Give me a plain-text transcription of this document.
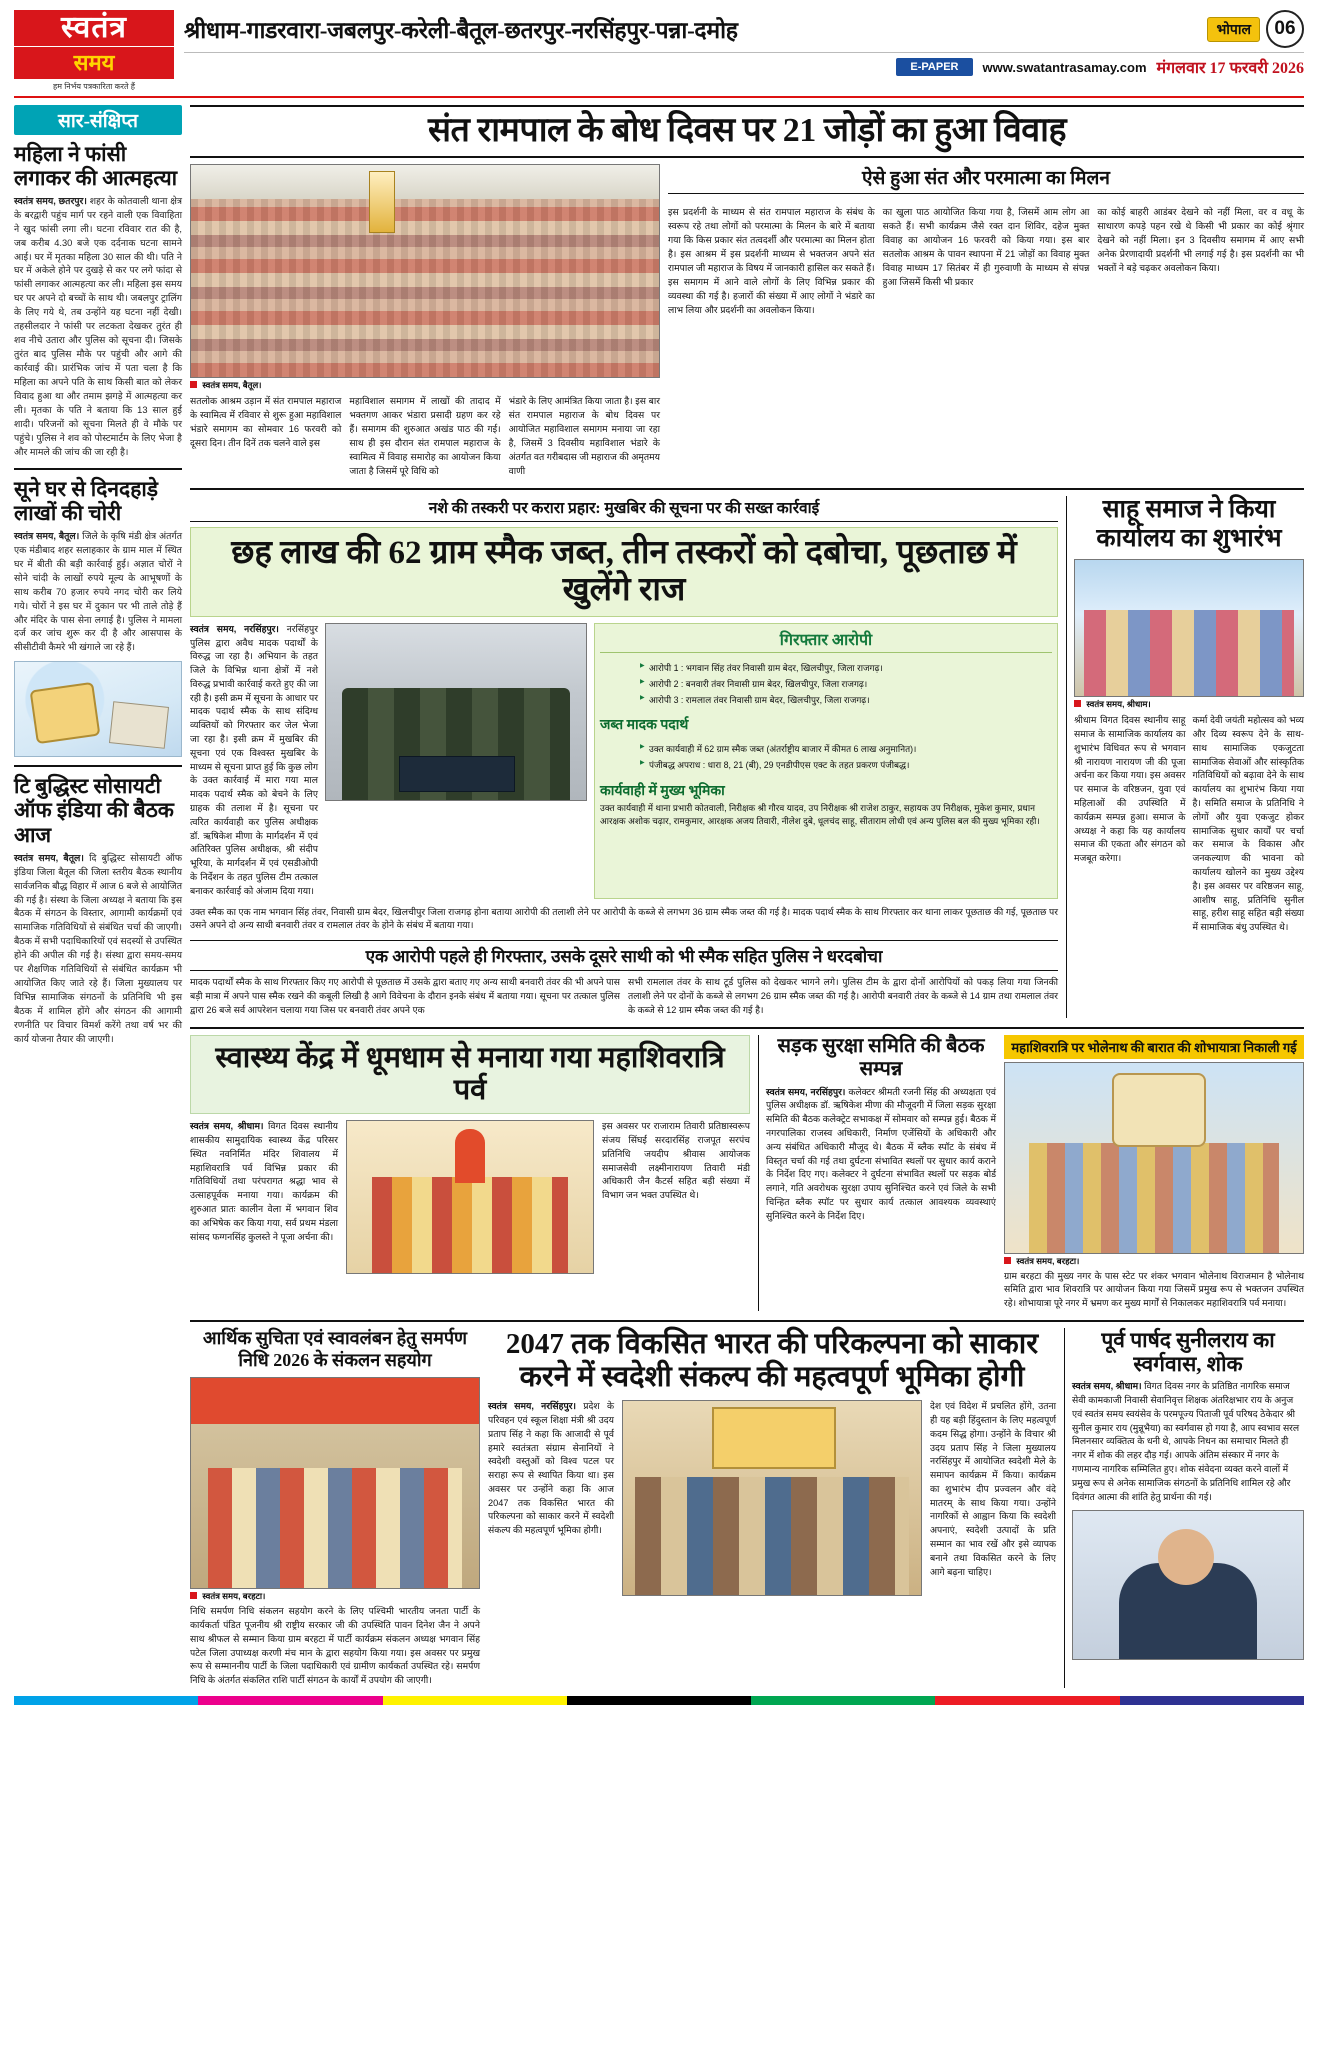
स्वतंत्र
समय
हम निर्भय पत्रकारिता करते हैं
श्रीधाम-गाडरवारा-जबलपुर-करेली-बैतूल-छतरपुर-नरसिंहपुर-पन्ना-दमोह	भोपाल	06
E-PAPER	www.swatantrasamay.com मंगलवार 17 फरवरी 2026
सार-संक्षिप्त
महिला ने फांसी लगाकर की आत्महत्या
स्वतंत्र समय, छतरपुर। शहर के कोतवाली थाना क्षेत्र के बरद्वारी पहुंच मार्ग पर रहने वाली एक विवाहिता ने खुद फांसी लगा ली। घटना रविवार रात की है, जब करीब 4.30 बजे एक दर्दनाक घटना सामने आई। घर में मृतका महिला 30 साल की थी। पति ने घर में अकेले होने पर दुखड़े से कर पर लगे फांदा से फांसी लगाकर आत्महत्या कर ली। महिला इस समय घर पर अपने दो बच्चों के साथ थी। जबलपुर ट्रालिंग के लिए गये थे, तब उन्होंने यह घटना नहीं देखी। तहसीलदार ने फांसी पर लटकता देखकर तुरंत ही शव नीचे उतारा और पुलिस को सूचना दी। जिसके तुरंत बाद पुलिस मौके पर पहुंची और आगे की कार्रवाई की। प्रारंभिक जांच में पता चला है कि महिला का अपने पति के साथ किसी बात को लेकर विवाद हुआ था और तमाम झगड़े में आत्महत्या कर ली। मृतका के पति ने बताया कि 13 साल हुई शादी। परिजनों को सूचना मिलते ही वे मौके पर पहुंचे। पुलिस ने शव को पोस्टमार्टम के लिए भेजा है और मामले की जांच की जा रही है।
सूने घर से दिनदहाड़े लाखों की चोरी
स्वतंत्र समय, बैतूल। जिले के कृषि मंडी क्षेत्र अंतर्गत एक मंडीबाद शहर सलाहकार के ग्राम माल में स्थित घर में बीती की बड़ी कार्रवाई हुई। अज्ञात चोरों ने सोने चांदी के लाखों रुपये मूल्य के आभूषणों के साथ करीब 70 हजार रुपये नगद चोरी कर लिये गये। चोरों ने इस घर में दुकान पर भी ताले तोड़े हैं और मंदिर के पास सेना लगाई है। पुलिस ने मामला दर्ज कर जांच शुरू कर दी है और आसपास के सीसीटीवी कैमरे भी खंगाले जा रहे हैं।
टि बुद्धिस्ट सोसायटी ऑफ इंडिया की बैठक आज
स्वतंत्र समय, बैतूल। दि बुद्धिस्ट सोसायटी ऑफ इंडिया जिला बैतूल की जिला स्तरीय बैठक स्थानीय सार्वजनिक बौद्ध विहार में आज 6 बजे से आयोजित की गई है। संस्था के जिला अध्यक्ष ने बताया कि इस बैठक में संगठन के विस्तार, आगामी कार्यक्रमों एवं सामाजिक गतिविधियों से संबंधित चर्चा की जाएगी। बैठक में सभी पदाधिकारियों एवं सदस्यों से उपस्थित होने की अपील की गई है। संस्था द्वारा समय-समय पर शैक्षणिक गतिविधियों से संबंधित कार्यक्रम भी आयोजित किए जाते रहे हैं। जिला मुख्यालय पर विभिन्न सामाजिक संगठनों के प्रतिनिधि भी इस बैठक में शामिल होंगे और संगठन की आगामी रणनीति पर विचार विमर्श करेंगे तथा वर्ष भर की कार्य योजना तैयार की जाएगी।
संत रामपाल के बोध दिवस पर 21 जोड़ों का हुआ विवाह
स्वतंत्र समय, बैतूल।
सतलोक आश्रम उड़ान में संत रामपाल महाराज के स्वामित्व में रविवार से शुरू हुआ महाविशाल भंडारे समागम का सोमवार 16 फरवरी को दूसरा दिन। तीन दिनें तक चलने वाले इस
महाविशाल समागम में लाखों की तादाद में भक्तगण आकर भंडारा प्रसादी ग्रहण कर रहे हैं। समागम की शुरुआत अखंड पाठ की गई। साथ ही इस दौरान संत रामपाल महाराज के स्वामित्व में विवाह समारोह का आयोजन किया जाता है जिसमें पूरे विधि को
भंडारे के लिए आमंत्रित किया जाता है। इस बार संत रामपाल महाराज के बोध दिवस पर आयोजित महाविशाल समागम मनाया जा रहा है, जिसमें 3 दिवसीय महाविशाल भंडारे के अंतर्गत वत गरीबदास जी महाराज की अमृतमय वाणी
ऐसे हुआ संत और परमात्मा का मिलन
इस प्रदर्शनी के माध्यम से संत रामपाल महाराज के संबंध के स्वरूप रहे तथा लोगों को परमात्मा के मिलन के बारे में बताया गया कि किस प्रकार संत तत्वदर्शी और परमात्मा का मिलन होता है। इस आश्रम में इस प्रदर्शनी माध्यम से भक्तजन अपने संत रामपाल जी महाराज के विषय में जानकारी हासिल कर सकते हैं। इस समागम में आने वाले लोगों के लिए विभिन्न प्रकार की व्यवस्था की गई है। हजारों की संख्या में आए लोगों ने भंडारे का लाभ लिया और प्रदर्शनी का अवलोकन किया।
का खुला पाठ आयोजित किया गया है, जिसमें आम लोग आ सकते हैं। सभी कार्यक्रम जैसे रक्त दान शिविर, दहेज मुक्त विवाह का आयोजन 16 फरवरी को किया गया। इस बार सतलोक आश्रम के पावन स्थापना में 21 जोड़ों का विवाह मुक्त विवाह माध्यम 17 सितंबर में ही गुरुवाणी के माध्यम से संपन्न हुआ जिसमें किसी भी प्रकार
का कोई बाहरी आडंबर देखने को नहीं मिला, वर व वधू के साधारण कपड़े पहन रखे थे किसी भी प्रकार का कोई श्रृंगार देखने को नहीं मिला। इन 3 दिवसीय समागम में आए सभी अनेक प्रेरणादायी प्रदर्शनी भी लगाई गई है। इस प्रदर्शनी का भी भक्तों ने बड़े चढ़कर अवलोकन किया।
नशे की तस्करी पर करारा प्रहार: मुखबिर की सूचना पर की सख्त कार्रवाई
छह लाख की 62 ग्राम स्मैक जब्त, तीन तस्करों को दबोचा, पूछताछ में खुलेंगे राज
स्वतंत्र समय, नरसिंहपुर। नरसिंहपुर पुलिस द्वारा अवैध मादक पदार्थों के विरुद्ध जा रहा है। अभियान के तहत जिले के विभिन्न थाना क्षेत्रों में नशे विरुद्ध प्रभावी कार्रवाई करते हुए की जा रही है। इसी क्रम में सूचना के आधार पर मादक पदार्थ स्मैक के साथ संदिग्ध व्यक्तियों को गिरफ्तार कर जेल भेजा जा रहा है। इसी क्रम में मुखबिर की सूचना एवं एक विश्वस्त मुखबिर के माध्यम से सूचना प्राप्त हुई कि कुछ लोग के उक्त कार्रवाई में मारा गया माल मादक पदार्थ स्मैक को बेचने के लिए ग्राहक की तलाश में है। सूचना पर त्वरित कार्यवाही कर पुलिस अधीक्षक डॉ. ऋषिकेश मीणा के मार्गदर्शन में एवं अतिरिक्त पुलिस अधीक्षक, श्री संदीप भूरिया, के मार्गदर्शन में एवं एसडीओपी के निर्देशन के तहत पुलिस टीम तत्काल बनाकर कार्रवाई को अंजाम दिया गया।
गिरफ्तार आरोपी
▶ आरोपी 1 : भगवान सिंह तंवर निवासी ग्राम बेदर, खिलचीपुर, जिला राजगढ़।
▶ आरोपी 2 : बनवारी तंवर निवासी ग्राम बेदर, खिलचीपुर, जिला राजगढ़।
▶ आरोपी 3 : रामलाल तंवर निवासी ग्राम बेदर, खिलचीपुर, जिला राजगढ़।
जब्त मादक पदार्थ
▶ उक्त कार्यवाही में 62 ग्राम स्मैक जब्त (अंतर्राष्ट्रीय बाजार में कीमत 6 लाख अनुमानित)।
▶ पंजीबद्ध अपराध : धारा 8, 21 (बी), 29 एनडीपीएस एक्ट के तहत प्रकरण पंजीबद्ध।
कार्यवाही में मुख्य भूमिका
उक्त कार्यवाही में थाना प्रभारी कोतवाली, निरीक्षक श्री गौरव यादव, उप निरीक्षक श्री राजेश ठाकुर, सहायक उप निरीक्षक, मुकेश कुमार, प्रधान आरक्षक अशोक चढ़ार, रामकुमार, आरक्षक अजय तिवारी, नीलेश दुबे, धूलचंद साहू, सीताराम लोधी एवं अन्य पुलिस बल की मुख्य भूमिका रही।
उक्त स्मैक का एक नाम भगवान सिंह तंवर, निवासी ग्राम बेदर, खिलचीपुर जिला राजगढ़ होना बताया आरोपी की तलाशी लेने पर आरोपी के कब्जे से लगभग 36 ग्राम स्मैक जब्त की गई है। मादक पदार्थ स्मैक के साथ गिरफ्तार कर थाना लाकर पूछताछ की गई, पूछताछ पर उसने अपने दो अन्य साथी बनवारी तंवर व रामलाल तंवर के होने के संबंध में बताया गया।
एक आरोपी पहले ही गिरफ्तार, उसके दूसरे साथी को भी स्मैक सहित पुलिस ने धरदबोचा
मादक पदार्थों स्मैक के साथ गिरफ्तार किए गए आरोपी से पूछताछ में उसके द्वारा बताए गए अन्य साथी बनवारी तंवर की भी अपने पास बड़ी मात्रा में अपने पास स्मैक रखने की कबूली लिखी है आगे विवेचना के दौरान इनके संबंध में बताया गया। सूचना पर तत्काल पुलिस द्वारा 26 बजे सर्व आपरेशन चलाया गया जिस पर बनवारी तंवर अपने एक
सभी रामलाल तंवर के साथ टूर्ड पुलिस को देखकर भागने लगे। पुलिस टीम के द्वारा दोनों आरोपियों को पकड़ लिया गया जिनकी तलाशी लेने पर दोनों के कब्जे से लगभग 26 ग्राम स्मैक जब्त की गई है। आरोपी बनवारी तंवर के कब्जे से 14 ग्राम तथा रामलाल तंवर के कब्जे से 12 ग्राम स्मैक जब्त की गई है।
साहू समाज ने किया कार्यालय का शुभारंभ
स्वतंत्र समय, श्रीधाम।
श्रीधाम विगत दिवस स्थानीय साहू समाज के सामाजिक कार्यालय का शुभारंभ विधिवत रूप से भगवान श्री नारायण नारायण जी की पूजा अर्चना कर किया गया। इस अवसर पर समाज के वरिष्ठजन, युवा एवं महिलाओं की उपस्थिति में कार्यक्रम सम्पन्न हुआ। समाज के अध्यक्ष ने कहा कि यह कार्यालय समाज की एकता और संगठन को मजबूत करेगा।
कर्मा देवी जयंती महोत्सव को भव्य और दिव्य स्वरूप देने के साथ-साथ सामाजिक एकजुटता सामाजिक सेवाओं और सांस्कृतिक गतिविधियों को बढ़ावा देने के साथ कार्यालय का शुभारंभ किया गया है। समिति समाज के प्रतिनिधि ने लोगों और युवा एकजुट होकर सामाजिक सुधार कार्यों पर चर्चा कर समाज के विकास और जनकल्याण की भावना को कार्यालय खोलने का मुख्य उद्देश्य है। इस अवसर पर वरिष्ठजन साहू, आशीष साहू, प्रतिनिधि सुनील साहू, हरीश साहू सहित बड़ी संख्या में सामाजिक बंधु उपस्थित थे।
स्वास्थ्य केंद्र में धूमधाम से मनाया गया महाशिवरात्रि पर्व
स्वतंत्र समय, श्रीधाम। विगत दिवस स्थानीय शासकीय सामुदायिक स्वास्थ्य केंद्र परिसर स्थित नवनिर्मित मंदिर शिवालय में महाशिवरात्रि पर्व विभिन्न प्रकार की गतिविधियों तथा परंपरागत श्रद्धा भाव से उत्साहपूर्वक मनाया गया। कार्यक्रम की शुरुआत प्रातः कालीन वेला में भगवान शिव का अभिषेक कर किया गया, सर्व प्रथम मंडला सांसद फग्गनसिंह कुलस्ते ने पूजा अर्चना की।
इस अवसर पर राजाराम तिवारी प्रतिष्ठास्वरूप संजय सिंघई सरदारसिंह राजपूत सरपंच प्रतिनिधि जयदीप श्रीवास आयोजक समाजसेवी लक्ष्मीनारायण तिवारी मंडी अधिकारी जैन कैटर्स सहित बड़ी संख्या में विभाग जन भक्त उपस्थित थे।
सड़क सुरक्षा समिति की बैठक सम्पन्न
स्वतंत्र समय, नरसिंहपुर। कलेक्टर श्रीमती रजनी सिंह की अध्यक्षता एवं पुलिस अधीक्षक डॉ. ऋषिकेश मीणा की मौजूदगी में जिला सड़क सुरक्षा समिति की बैठक कलेक्ट्रेट सभाकक्ष में सोमवार को सम्पन्न हुई। बैठक में नगरपालिका राजस्व अधिकारी, निर्माण एजेंसियों के अधिकारी और अन्य संबंधित अधिकारी मौजूद थे। बैठक में ब्लैक स्पॉट के संबंध में विस्तृत चर्चा की गई तथा दुर्घटना संभावित स्थलों पर सुधार कार्य कराने के निर्देश दिए गए। कलेक्टर ने दुर्घटना संभावित स्थलों पर सड़क बोर्ड लगाने, गति अवरोधक सुरक्षा उपाय सुनिश्चित करने एवं जिले के सभी चिन्हित ब्लैक स्पॉट पर सुधार कार्य तत्काल आवश्यक व्यवस्थाएं सुनिश्चित करने के निर्देश दिए।
महाशिवरात्रि पर भोलेनाथ की बारात की शोभायात्रा निकाली गई
स्वतंत्र समय, बरहटा।
ग्राम बरहटा की मुख्य नगर के पास स्टेट पर शंकर भगवान भोलेनाथ विराजमान है भोलेनाथ समिति द्वारा भाव शिवरात्रि पर आयोजन किया गया जिसमें प्रमुख रूप से भक्तजन उपस्थित रहे। शोभायात्रा पूरे नगर में भ्रमण कर मुख्य मार्गों से निकालकर महाशिवरात्रि पर्व मनाया।
आर्थिक सुचिता एवं स्वावलंबन हेतु समर्पण निधि 2026 के संकलन सहयोग
स्वतंत्र समय, बरहटा।
निधि समर्पण निधि संकलन सहयोग करने के लिए पश्चिमी भारतीय जनता पार्टी के कार्यकर्ता पंडित पूजनीय श्री राष्ट्रीय सरकार जी की उपस्थिति पावन दिनेश जैन ने अपने साथ श्रीफल से सम्मान किया ग्राम बरहटा में पार्टी कार्यक्रम संकलन अध्यक्ष भगवान सिंह पटेल जिला उपाध्यक्ष करणी मंच मान के द्वारा सहयोग किया गया। इस अवसर पर प्रमुख रूप से सम्माननीय पार्टी के जिला पदाधिकारी एवं ग्रामीण कार्यकर्ता उपस्थित रहे। समर्पण निधि के अंतर्गत संकलित राशि पार्टी संगठन के कार्यों में उपयोग की जाएगी।
2047 तक विकसित भारत की परिकल्पना को साकार करने में स्वदेशी संकल्प की महत्वपूर्ण भूमिका होगी
स्वतंत्र समय, नरसिंहपुर। प्रदेश के परिवहन एवं स्कूल शिक्षा मंत्री श्री उदय प्रताप सिंह ने कहा कि आजादी से पूर्व हमारे स्वतंत्रता संग्राम सेनानियों ने स्वदेशी वस्तुओं को विश्व पटल पर सराहा रूप से स्थापित किया था। इस अवसर पर उन्होंने कहा कि आज 2047 तक विकसित भारत की परिकल्पना को साकार करने में स्वदेशी संकल्प की महत्वपूर्ण भूमिका होगी।
देश एवं विदेश में प्रचलित होंगे, उतना ही यह बड़ी हिंदुस्तान के लिए महत्वपूर्ण कदम सिद्ध होगा। उन्होंने के विचार श्री उदय प्रताप सिंह ने जिला मुख्यालय नरसिंहपुर में आयोजित स्वदेशी मेले के समापन कार्यक्रम में किया। कार्यक्रम का शुभारंभ दीप प्रज्वलन और वंदे मातरम् के साथ किया गया। उन्होंने नागरिकों से आह्वान किया कि स्वदेशी अपनाएं, स्वदेशी उत्पादों के प्रति सम्मान का भाव रखें और इसे व्यापक बनाने तथा विकसित करने के लिए आगे बढ़ना चाहिए।
पूर्व पार्षद सुनीलराय का स्वर्गवास, शोक
स्वतंत्र समय, श्रीधाम। विगत दिवस नगर के प्रतिष्ठित नागरिक समाज सेवी कामकाजी निवासी सेवानिवृत्त शिक्षक अंतरिक्षभार राय के अनुज एवं स्वतंत्र समय स्वयंसेव के परमपूज्य पिताजी पूर्व परिषद ठेकेदार श्री सुनील कुमार राय (मुन्नूभैया) का स्वर्गवास हो गया है, आप स्वभाव सरल मिलनसार व्यक्तित्व के धनी थे, आपके निधन का समाचार मिलते ही नगर में शोक की लहर दौड़ गई। आपके अंतिम संस्कार में नगर के गणमान्य नागरिक सम्मिलित हुए। शोक संवेदना व्यक्त करने वालों में प्रमुख रूप से अनेक सामाजिक संगठनों के प्रतिनिधि शामिल रहे और दिवंगत आत्मा की शांति हेतु प्रार्थना की गई।
